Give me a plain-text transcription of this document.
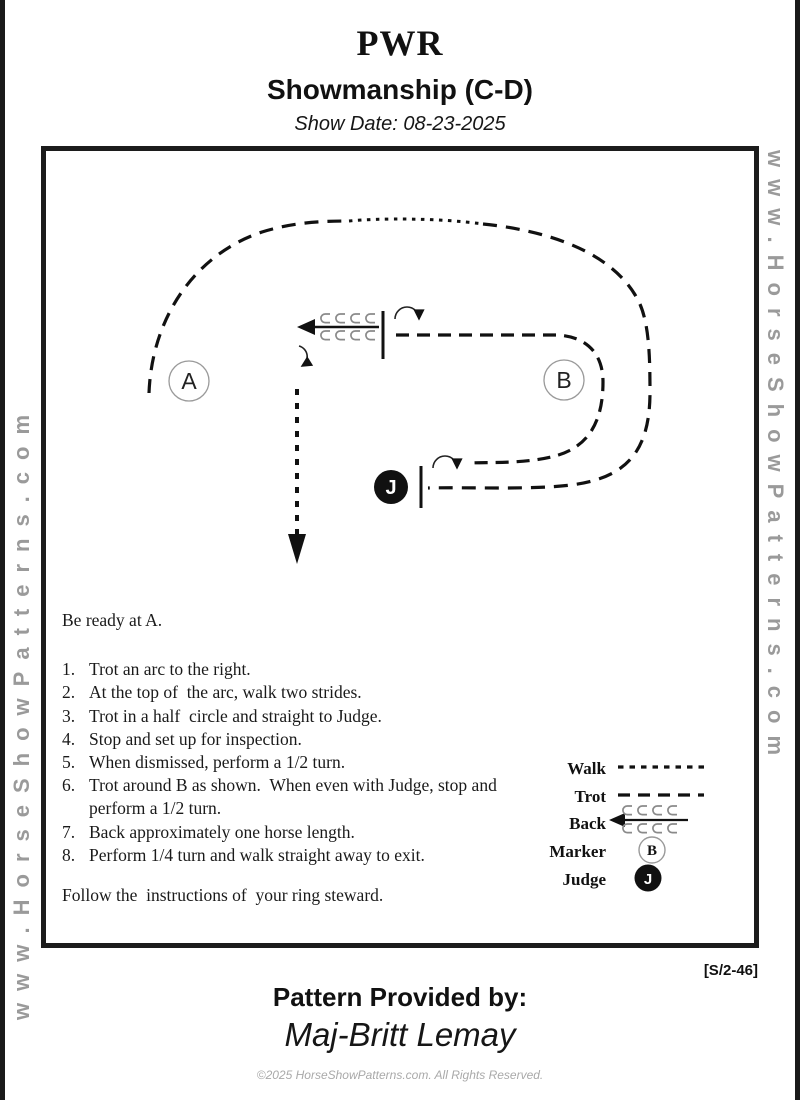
www.HorseShowPatterns.com	www.HorseShowPatterns.com
PWR
Showmanship (C-D)
Show Date: 08-23-2025
A	B
J
B
J
Be ready at A.
1. Trot an arc to the right.
2. At the top of  the arc, walk two strides.
3. Trot in a half  circle and straight to Judge.
4. Stop and set up for inspection.
5. When dismissed, perform a 1/2 turn.
6. Trot around B as shown.  When even with Judge, stop and perform a 1/2 turn.
7. Back approximately one horse length.
8. Perform 1/4 turn and walk straight away to exit.
Follow the  instructions of  your ring steward.
Walk
Trot
Back
Marker
Judge
[S/2-46]
Pattern Provided by:
Maj-Britt Lemay
©2025 HorseShowPatterns.com. All Rights Reserved.
